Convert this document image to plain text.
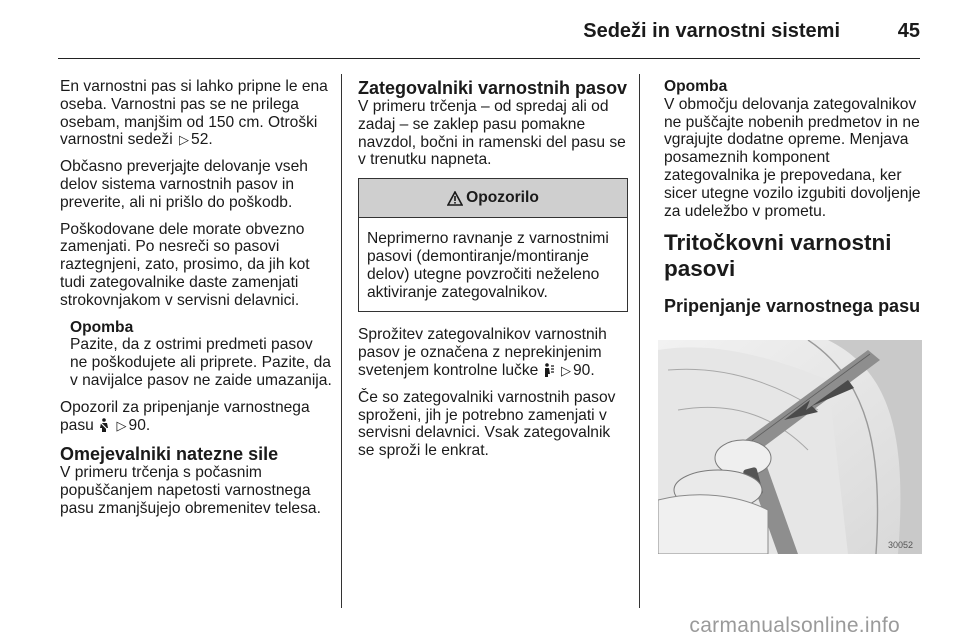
Sedeži in varnostni sistemi	45

En varnostni pas si lahko pripne le ena oseba. Varnostni pas se ne prilega osebam, manjšim od 150 cm. Otroški varnostni sedeži ▷ 52.

Občasno preverjajte delovanje vseh delov sistema varnostnih pasov in preverite, ali ni prišlo do poškodb.

Poškodovane dele morate obvezno zamenjati. Po nesreči so pasovi raztegnjeni, zato, prosimo, da jih kot tudi zategovalnike daste zamenjati strokovnjakom v servisni delavnici.

Opomba
Pazite, da z ostrimi predmeti pasov ne poškodujete ali priprete. Pazite, da v navijalce pasov ne zaide umazanija.

Opozoril za pripenjanje varnostnega pasu ▷ 90.

Omejevalniki natezne sile

V primeru trčenja s počasnim popuščanjem napetosti varnostnega pasu zmanjšujejo obremenitev telesa.

Zategovalniki varnostnih pasov

V primeru trčenja – od spredaj ali od zadaj – se zaklep pasu pomakne navzdol, bočni in ramenski del pasu se v trenutku napneta.

Opozorilo
Neprimerno ravnanje z varnostnimi pasovi (demontiranje/montiranje delov) utegne povzročiti neželeno aktiviranje zategovalnikov.

Sprožitev zategovalnikov varnostnih pasov je označena z neprekinjenim svetenjem kontrolne lučke ▷ 90.

Če so zategovalniki varnostnih pasov sproženi, jih je potrebno zamenjati v servisni delavnici. Vsak zategovalnik se sproži le enkrat.

Opomba
V območju delovanja zategovalnikov ne puščajte nobenih predmetov in ne vgrajujte dodatne opreme. Menjava posameznih komponent zategovalnika je prepovedana, ker sicer utegne vozilo izgubiti dovoljenje za udeležbo v prometu.
Tritočkovni varnostni pasovi
Pripenjanje varnostnega pasu
30052
carmanualsonline.info
